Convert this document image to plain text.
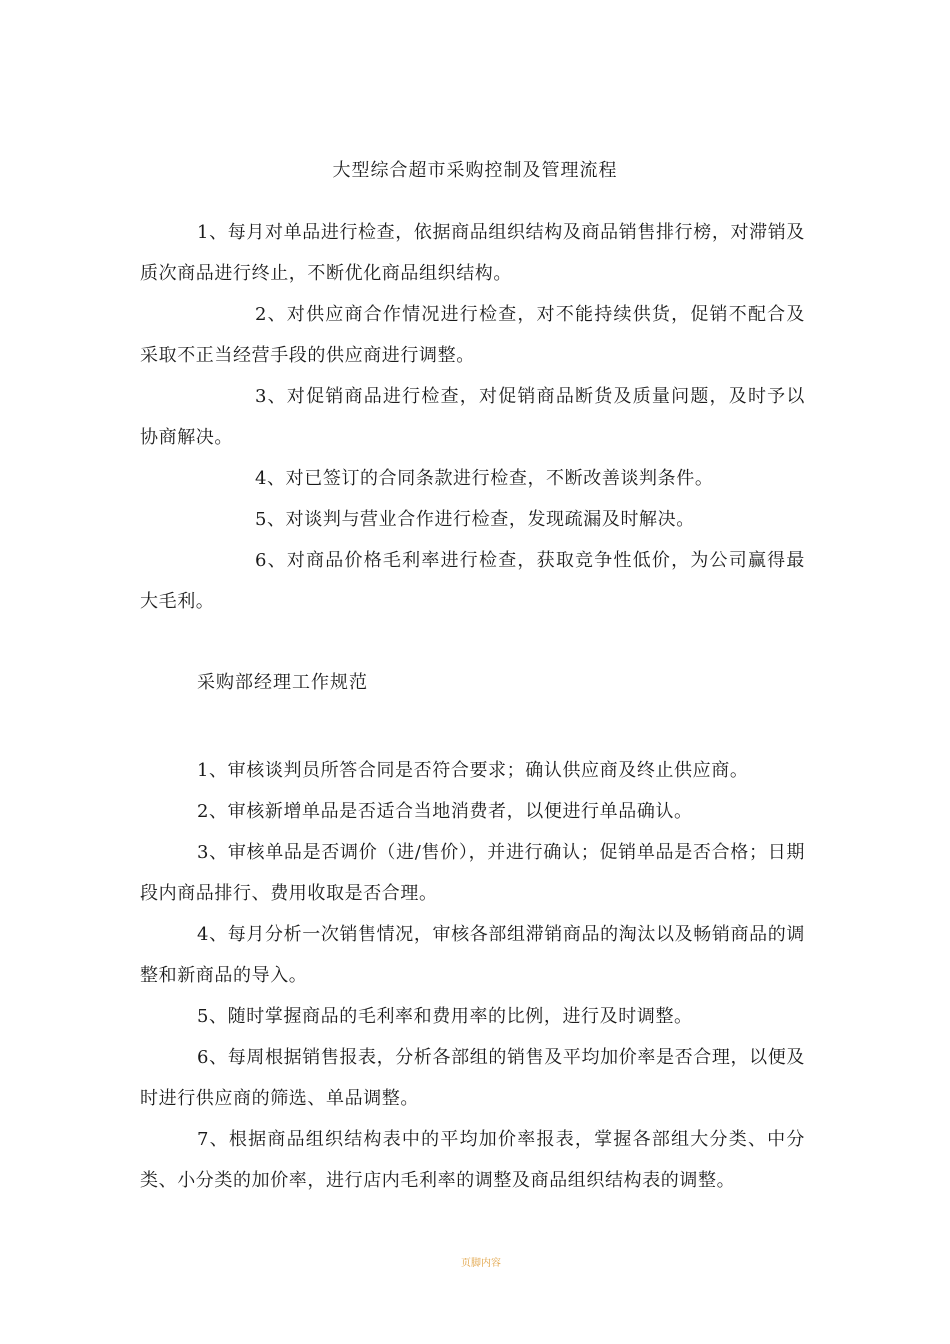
大型综合超市采购控制及管理流程

1、每月对单品进行检查，依据商品组织结构及商品销售排行榜，对滞销及质次商品进行终止，不断优化商品组织结构。

2、对供应商合作情况进行检查，对不能持续供货，促销不配合及采取不正当经营手段的供应商进行调整。

3、对促销商品进行检查，对促销商品断货及质量问题，及时予以协商解决。

4、对已签订的合同条款进行检查，不断改善谈判条件。

5、对谈判与营业合作进行检查，发现疏漏及时解决。

6、对商品价格毛利率进行检查，获取竞争性低价，为公司赢得最大毛利。

采购部经理工作规范

1、审核谈判员所答合同是否符合要求；确认供应商及终止供应商。

2、审核新增单品是否适合当地消费者，以便进行单品确认。

3、审核单品是否调价（进/售价），并进行确认；促销单品是否合格；日期段内商品排行、费用收取是否合理。

4、每月分析一次销售情况，审核各部组滞销商品的淘汰以及畅销商品的调整和新商品的导入。

5、随时掌握商品的毛利率和费用率的比例，进行及时调整。

6、每周根据销售报表，分析各部组的销售及平均加价率是否合理，以便及时进行供应商的筛选、单品调整。

7、根据商品组织结构表中的平均加价率报表，掌握各部组大分类、中分类、小分类的加价率，进行店内毛利率的调整及商品组织结构表的调整。

页脚内容
